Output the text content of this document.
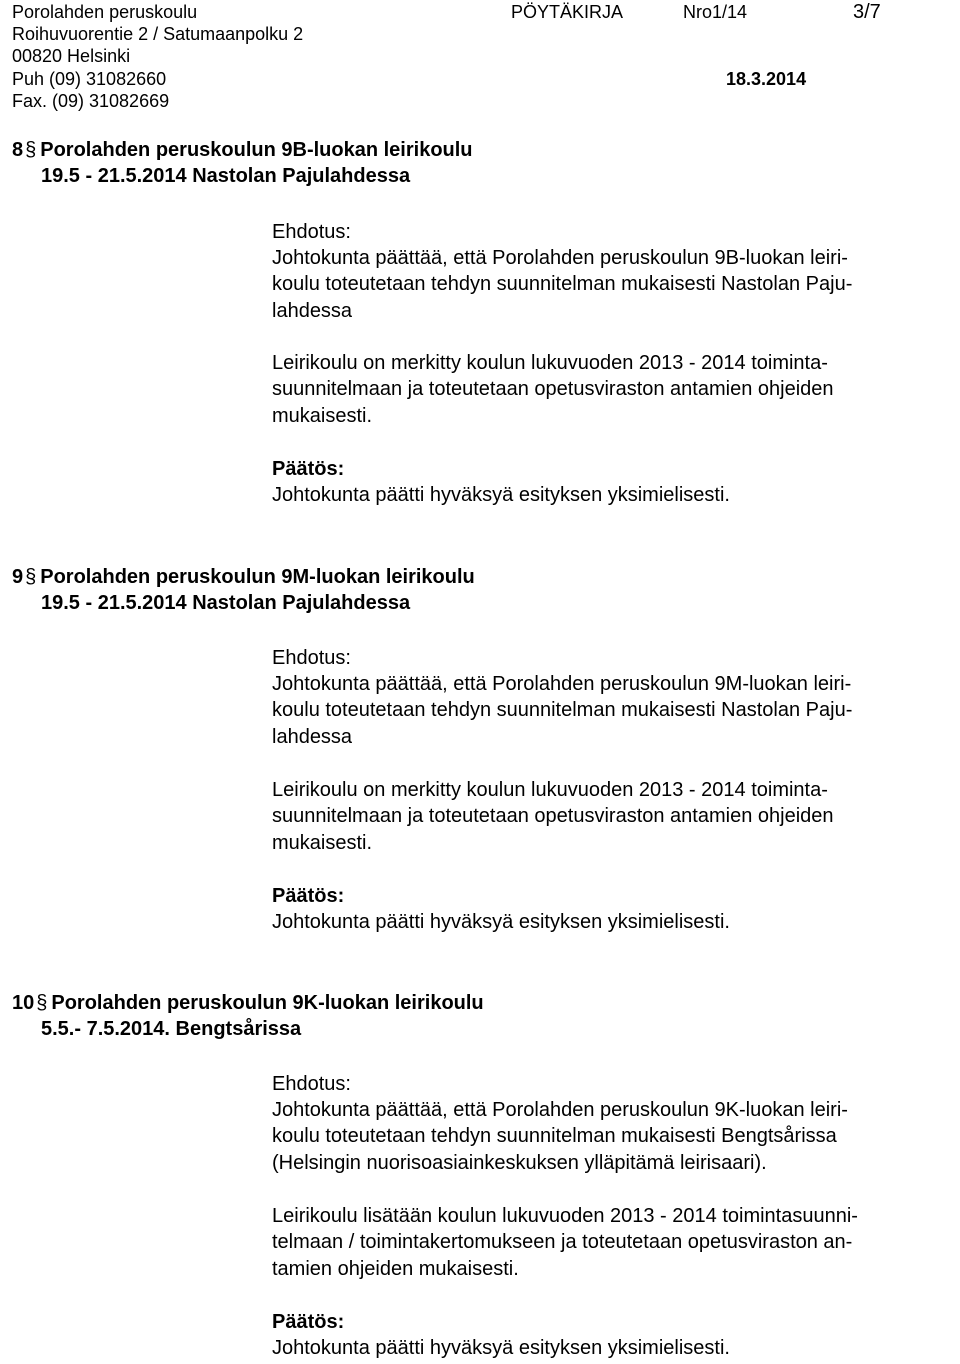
Porolahden peruskoulu
Roihuvuorentie 2 / Satumaanpolku 2
00820 Helsinki
Puh (09) 31082660
Fax. (09) 31082669
PÖYTÄKIRJA	Nro1/14	3/7
18.3.2014
8 § Porolahden peruskoulun 9B-luokan leirikoulu
19.5 - 21.5.2014 Nastolan Pajulahdessa
Ehdotus:
Johtokunta päättää, että Porolahden peruskoulun 9B-luokan leiri-
koulu toteutetaan tehdyn suunnitelman mukaisesti Nastolan Paju-
lahdessa
Leirikoulu on merkitty koulun lukuvuoden 2013 - 2014 toiminta-
suunnitelmaan ja toteutetaan opetusviraston antamien ohjeiden
mukaisesti.
Päätös:
Johtokunta päätti hyväksyä esityksen yksimielisesti.
9 § Porolahden peruskoulun 9M-luokan leirikoulu
19.5 - 21.5.2014 Nastolan Pajulahdessa
Ehdotus:
Johtokunta päättää, että Porolahden peruskoulun 9M-luokan leiri-
koulu toteutetaan tehdyn suunnitelman mukaisesti Nastolan Paju-
lahdessa
Leirikoulu on merkitty koulun lukuvuoden 2013 - 2014 toiminta-
suunnitelmaan ja toteutetaan opetusviraston antamien ohjeiden
mukaisesti.
Päätös:
Johtokunta päätti hyväksyä esityksen yksimielisesti.
10 § Porolahden peruskoulun 9K-luokan leirikoulu
5.5.- 7.5.2014. Bengtsårissa
Ehdotus:
Johtokunta päättää, että Porolahden peruskoulun 9K-luokan leiri-
koulu toteutetaan tehdyn suunnitelman mukaisesti Bengtsårissa
(Helsingin nuorisoasiainkeskuksen ylläpitämä leirisaari).
Leirikoulu lisätään koulun lukuvuoden 2013 - 2014 toimintasuunni-
telmaan / toimintakertomukseen ja toteutetaan opetusviraston an-
tamien ohjeiden mukaisesti.
Päätös:
Johtokunta päätti hyväksyä esityksen yksimielisesti.
